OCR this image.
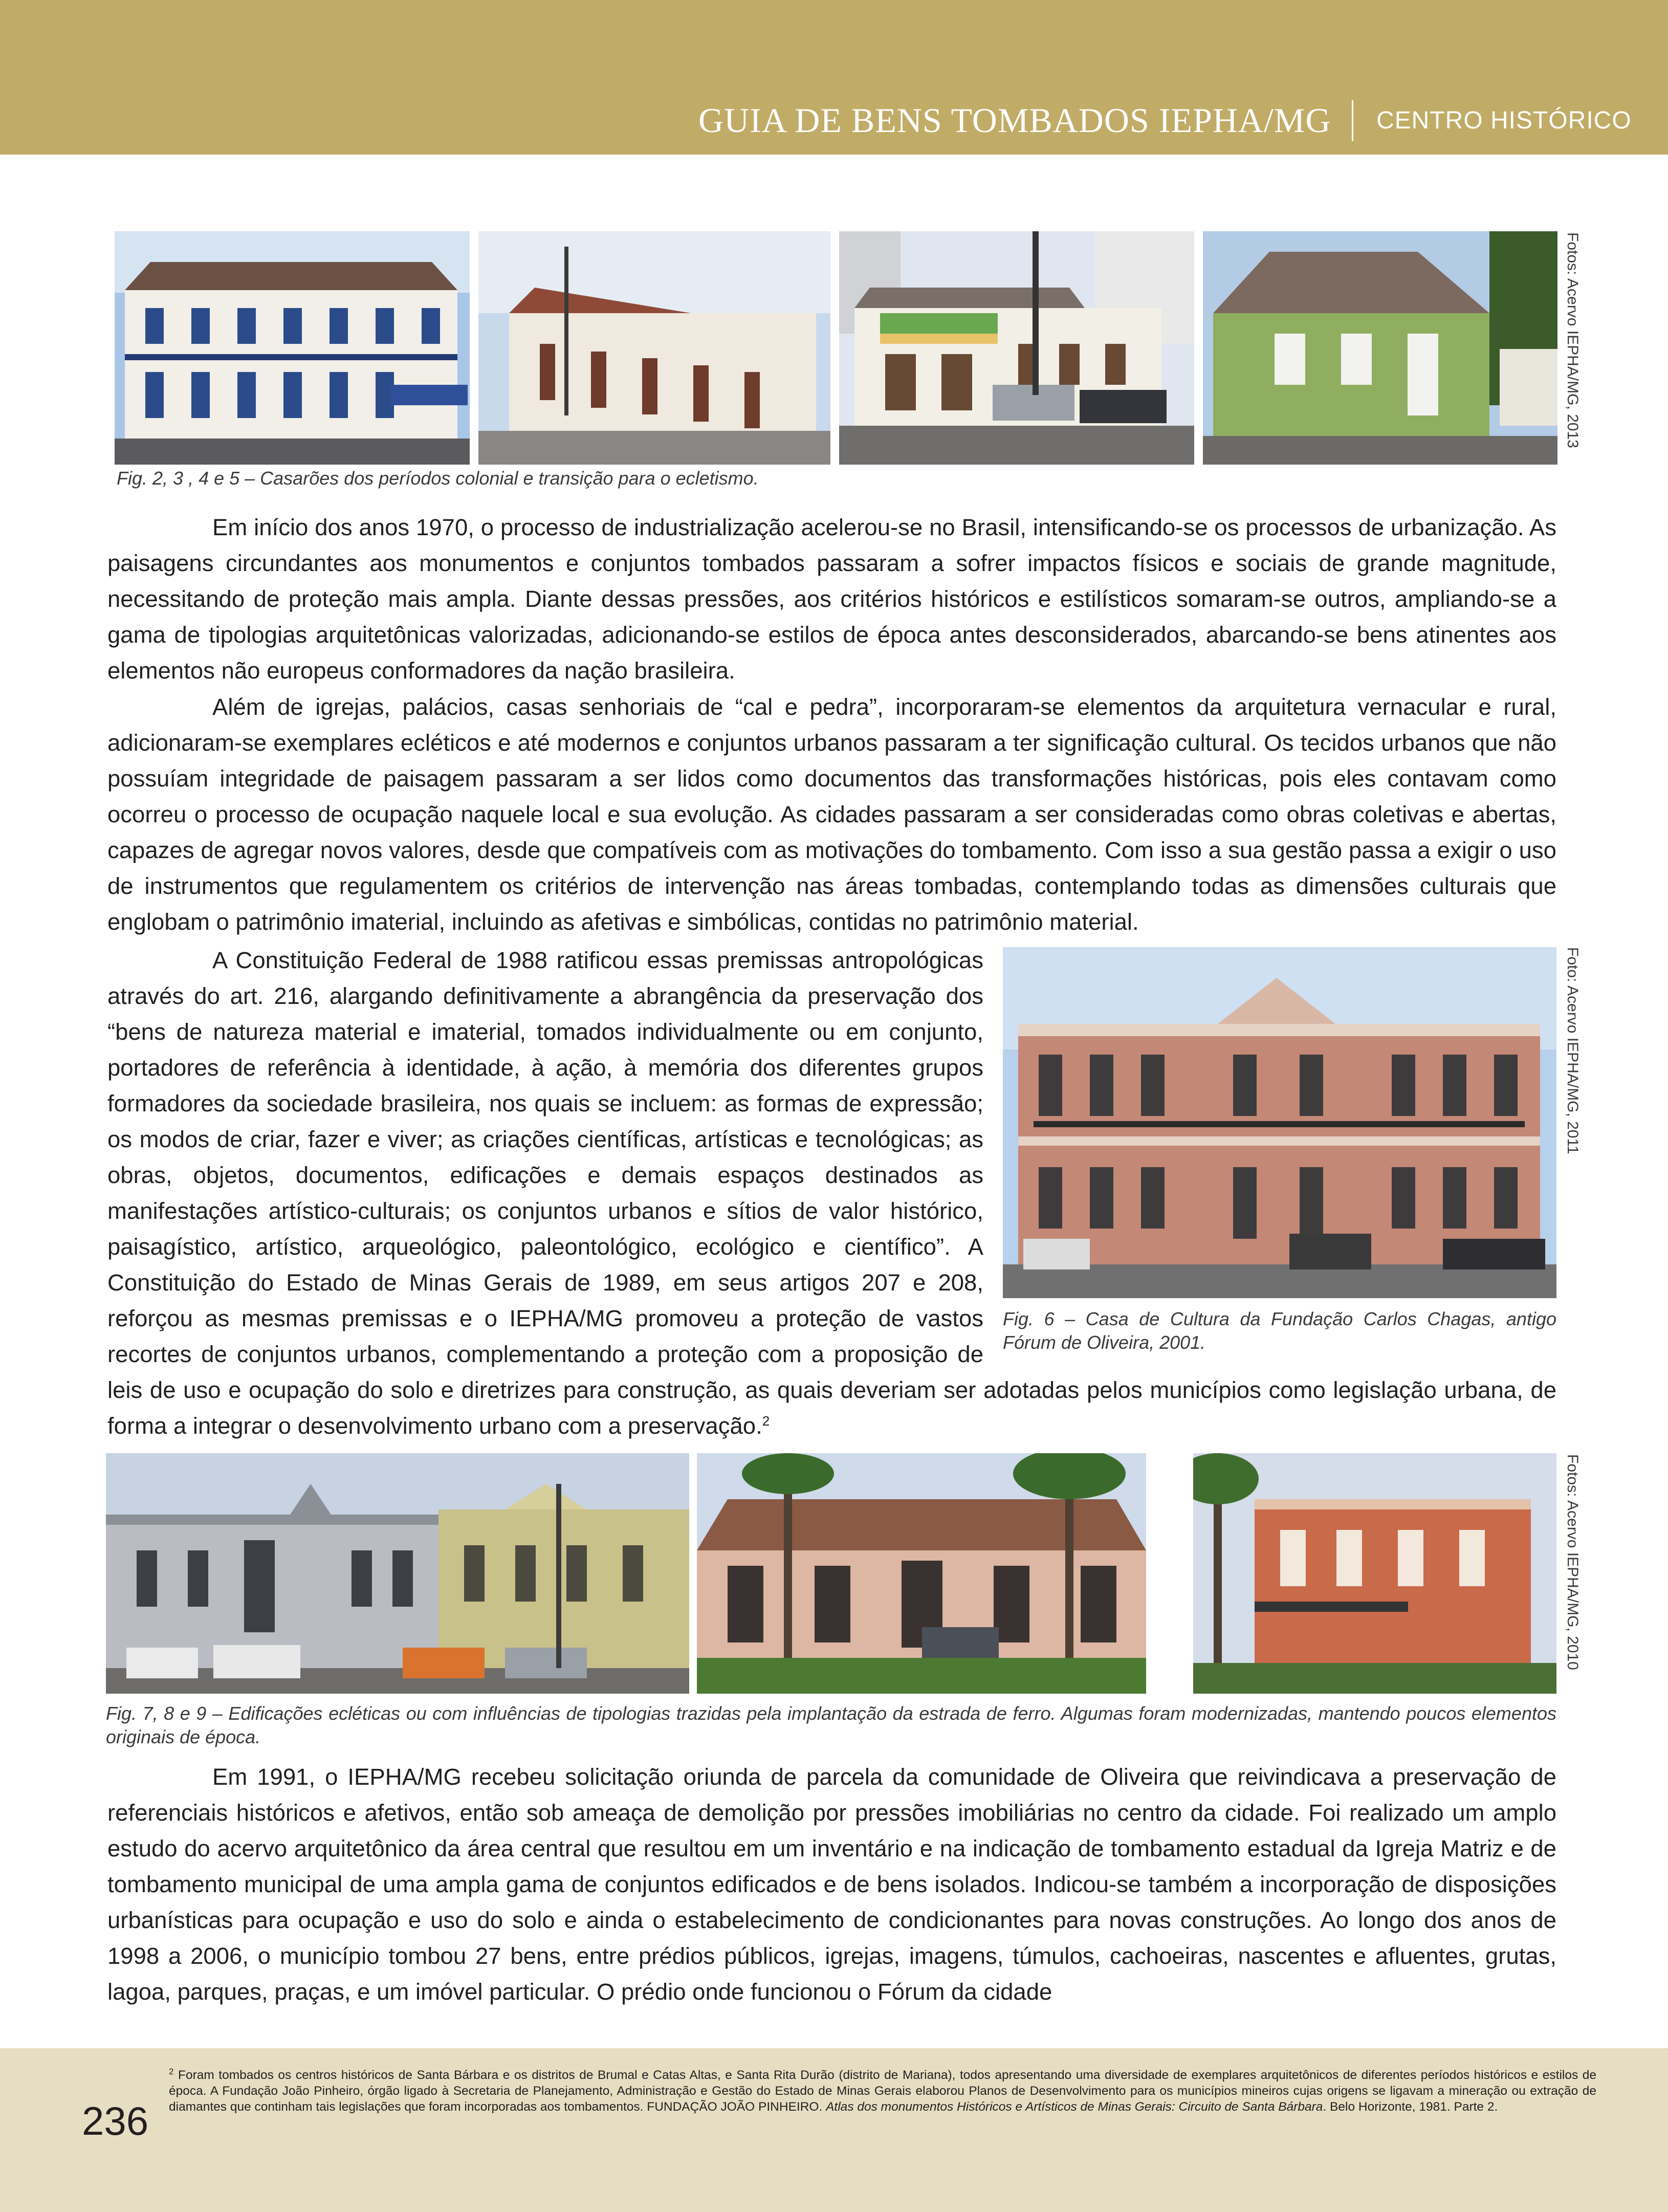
GUIA DE BENS TOMBADOS IEPHA/MG CENTRO HISTÓRICO
Fotos: Acervo IEPHA/MG, 2013
Fig. 2, 3 , 4 e 5 – Casarões dos períodos colonial e transição para o ecletismo.

Em início dos anos 1970, o processo de industrialização acelerou-se no Brasil, intensificando-se os processos de urbanização. As paisagens circundantes aos monumentos e conjuntos tombados passaram a sofrer impactos físicos e sociais de grande magnitude, necessitando de proteção mais ampla. Diante dessas pressões, aos critérios históricos e estilísticos somaram-se outros, ampliando-se a gama de tipologias arquitetônicas valorizadas, adicionando-se estilos de época antes desconsiderados, abarcando-se bens atinentes aos elementos não europeus conformadores da nação brasileira.

Além de igrejas, palácios, casas senhoriais de “cal e pedra”, incorporaram-se elementos da arquitetura vernacular e rural, adicionaram-se exemplares ecléticos e até modernos e conjuntos urbanos passaram a ter significação cultural. Os tecidos urbanos que não possuíam integridade de paisagem passaram a ser lidos como documentos das transformações históricas, pois eles contavam como ocorreu o processo de ocupação naquele local e sua evolução. As cidades passaram a ser consideradas como obras coletivas e abertas, capazes de agregar novos valores, desde que compatíveis com as motivações do tombamento. Com isso a sua gestão passa a exigir o uso de instrumentos que regulamentem os critérios de intervenção nas áreas tombadas, contemplando todas as dimensões culturais que englobam o patrimônio imaterial, incluindo as afetivas e simbólicas, contidas no patrimônio material.

Foto: Acervo IEPHA/MG, 2011
Fig. 6 – Casa de Cultura da Fundação Carlos Chagas, antigo Fórum de Oliveira, 2001.

A Constituição Federal de 1988 ratificou essas premissas antropológicas através do art. 216, alargando definitivamente a abrangência da preservação dos “bens de natureza material e imaterial, tomados individualmente ou em conjunto, portadores de referência à identidade, à ação, à memória dos diferentes grupos formadores da sociedade brasileira, nos quais se incluem: as formas de expressão; os modos de criar, fazer e viver; as criações científicas, artísticas e tecnológicas; as obras, objetos, documentos, edificações e demais espaços destinados as manifestações artístico-culturais; os conjuntos urbanos e sítios de valor histórico, paisagístico, artístico, arqueológico, paleontológico, ecológico e científico”. A Constituição do Estado de Minas Gerais de 1989, em seus artigos 207 e 208, reforçou as mesmas premissas e o IEPHA/MG promoveu a proteção de vastos recortes de conjuntos urbanos, complementando a proteção com a proposição de leis de uso e ocupação do solo e diretrizes para construção, as quais deveriam ser adotadas pelos municípios como legislação urbana, de forma a integrar o desenvolvimento urbano com a preservação.$^2$

Fotos: Acervo IEPHA/MG, 2010
Fig. 7, 8 e 9 – Edificações ecléticas ou com influências de tipologias trazidas pela implantação da estrada de ferro. Algumas foram modernizadas, mantendo poucos elementos originais de época.

Em 1991, o IEPHA/MG recebeu solicitação oriunda de parcela da comunidade de Oliveira que reivindicava a preservação de referenciais históricos e afetivos, então sob ameaça de demolição por pressões imobiliárias no centro da cidade. Foi realizado um amplo estudo do acervo arquitetônico da área central que resultou em um inventário e na indicação de tombamento estadual da Igreja Matriz e de tombamento municipal de uma ampla gama de conjuntos edificados e de bens isolados. Indicou-se também a incorporação de disposições urbanísticas para ocupação e uso do solo e ainda o estabelecimento de condicionantes para novas construções. Ao longo dos anos de 1998 a 2006, o município tombou 27 bens, entre prédios públicos, igrejas, imagens, túmulos, cachoeiras, nascentes e afluentes, grutas, lagoa, parques, praças, e um imóvel particular. O prédio onde funcionou o Fórum da cidade

236
$^2$ Foram tombados os centros históricos de Santa Bárbara e os distritos de Brumal e Catas Altas, e Santa Rita Durão (distrito de Mariana), todos apresentando uma diversidade de exemplares arquitetônicos de diferentes períodos históricos e estilos de época. A Fundação João Pinheiro, órgão ligado à Secretaria de Planejamento, Administração e Gestão do Estado de Minas Gerais elaborou Planos de Desenvolvimento para os municípios mineiros cujas origens se ligavam a mineração ou extração de diamantes que continham tais legislações que foram incorporadas aos tombamentos. FUNDAÇÃO JOÃO PINHEIRO. Atlas dos monumentos Históricos e Artísticos de Minas Gerais: Circuito de Santa Bárbara. Belo Horizonte, 1981. Parte 2.
